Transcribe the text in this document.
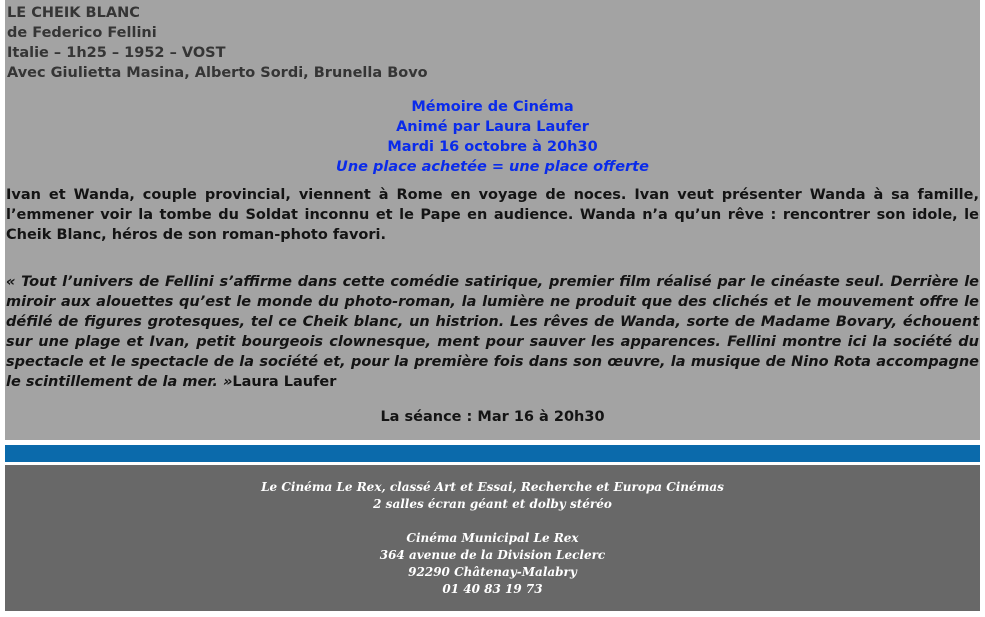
LE CHEIK BLANC
de Federico Fellini
Italie – 1h25 – 1952 – VOST
Avec Giulietta Masina, Alberto Sordi, Brunella Bovo
Mémoire de Cinéma
Animé par Laura Laufer
Mardi 16 octobre à 20h30
Une place achetée = une place offerte

Ivan et Wanda, couple provincial, viennent à Rome en voyage de noces. Ivan veut présenter Wanda à sa famille, l’emmener voir la tombe du Soldat inconnu et le Pape en audience. Wanda n’a qu’un rêve : rencontrer son idole, le Cheik Blanc, héros de son roman-photo favori.

« Tout l’univers de Fellini s’affirme dans cette comédie satirique, premier film réalisé par le cinéaste seul. Derrière le miroir aux alouettes qu’est le monde du photo-roman, la lumière ne produit que des clichés et le mouvement offre le défilé de figures grotesques, tel ce Cheik blanc, un histrion. Les rêves de Wanda, sorte de Madame Bovary, échouent sur une plage et Ivan, petit bourgeois clownesque, ment pour sauver les apparences. Fellini montre ici la société du spectacle et le spectacle de la société et, pour la première fois dans son œuvre, la musique de Nino Rota accompagne le scintillement de la mer. »Laura Laufer

La séance : Mar 16 à 20h30
Le Cinéma Le Rex, classé Art et Essai, Recherche et Europa Cinémas
2 salles écran géant et dolby stéréo
Cinéma Municipal Le Rex
364 avenue de la Division Leclerc
92290 Châtenay-Malabry
01 40 83 19 73
